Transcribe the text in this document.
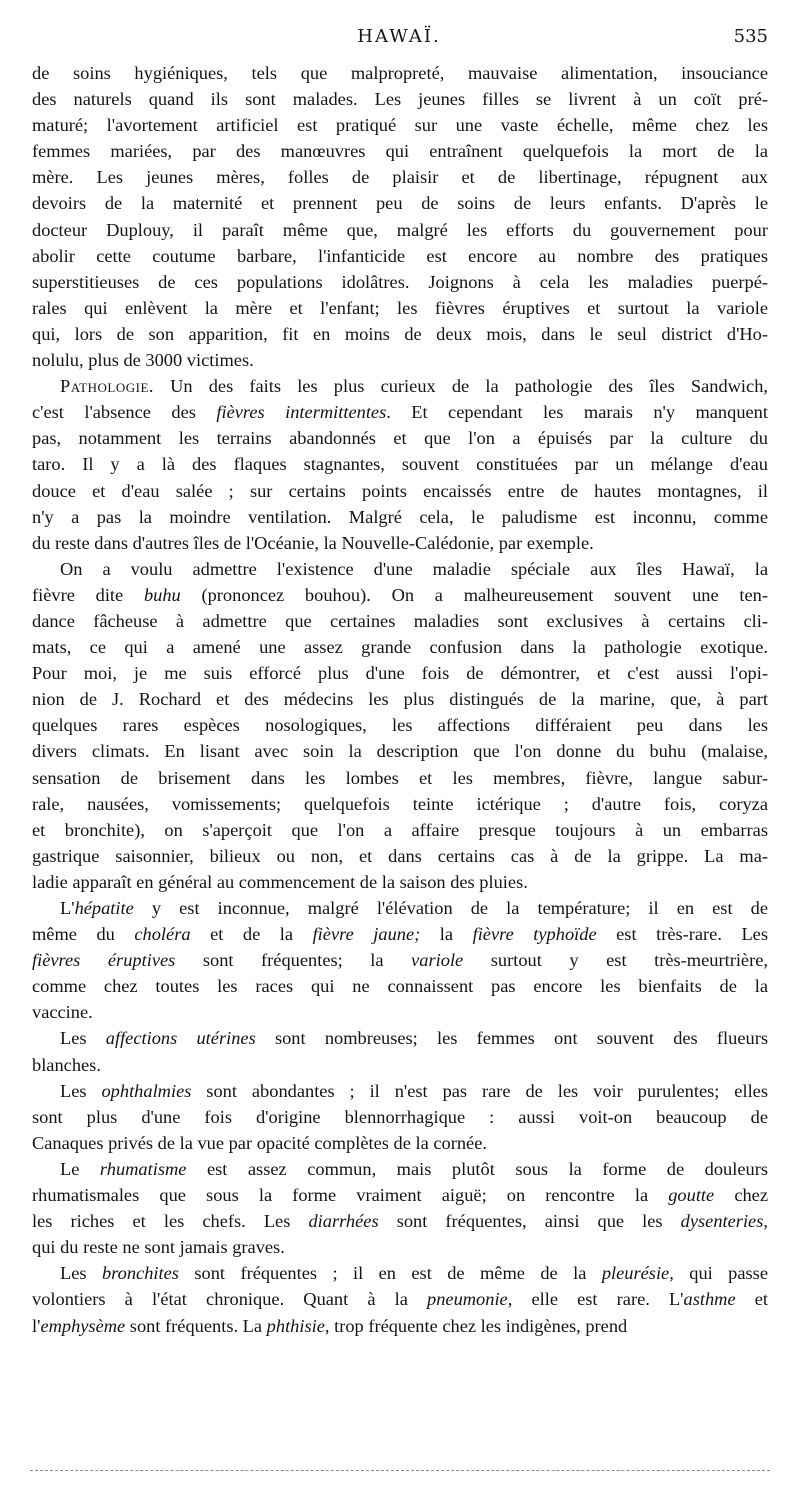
HAWAÏ.	535

de soins hygiéniques, tels que malpropreté, mauvaise alimentation, insouciance
des naturels quand ils sont malades. Les jeunes filles se livrent à un coït pré-
maturé; l'avortement artificiel est pratiqué sur une vaste échelle, même chez les
femmes mariées, par des manœuvres qui entraînent quelquefois la mort de la
mère. Les jeunes mères, folles de plaisir et de libertinage, répugnent aux
devoirs de la maternité et prennent peu de soins de leurs enfants. D'après le
docteur Duplouy, il paraît même que, malgré les efforts du gouvernement pour
abolir cette coutume barbare, l'infanticide est encore au nombre des pratiques
superstitieuses de ces populations idolâtres. Joignons à cela les maladies puerpé-
rales qui enlèvent la mère et l'enfant; les fièvres éruptives et surtout la variole
qui, lors de son apparition, fit en moins de deux mois, dans le seul district d'Ho-
nolulu, plus de 3000 victimes.

Pathologie. Un des faits les plus curieux de la pathologie des îles Sandwich,
c'est l'absence des fièvres intermittentes. Et cependant les marais n'y manquent
pas, notamment les terrains abandonnés et que l'on a épuisés par la culture du
taro. Il y a là des flaques stagnantes, souvent constituées par un mélange d'eau
douce et d'eau salée ; sur certains points encaissés entre de hautes montagnes, il
n'y a pas la moindre ventilation. Malgré cela, le paludisme est inconnu, comme
du reste dans d'autres îles de l'Océanie, la Nouvelle-Calédonie, par exemple.

On a voulu admettre l'existence d'une maladie spéciale aux îles Hawaï, la
fièvre dite buhu (prononcez bouhou). On a malheureusement souvent une ten-
dance fâcheuse à admettre que certaines maladies sont exclusives à certains cli-
mats, ce qui a amené une assez grande confusion dans la pathologie exotique.
Pour moi, je me suis efforcé plus d'une fois de démontrer, et c'est aussi l'opi-
nion de J. Rochard et des médecins les plus distingués de la marine, que, à part
quelques rares espèces nosologiques, les affections différaient peu dans les
divers climats. En lisant avec soin la description que l'on donne du buhu (malaise,
sensation de brisement dans les lombes et les membres, fièvre, langue sabur-
rale, nausées, vomissements; quelquefois teinte ictérique ; d'autre fois, coryza
et bronchite), on s'aperçoit que l'on a affaire presque toujours à un embarras
gastrique saisonnier, bilieux ou non, et dans certains cas à de la grippe. La ma-
ladie apparaît en général au commencement de la saison des pluies.

L'hépatite y est inconnue, malgré l'élévation de la température; il en est de
même du choléra et de la fièvre jaune; la fièvre typhoïde est très-rare. Les
fièvres éruptives sont fréquentes; la variole surtout y est très-meurtrière,
comme chez toutes les races qui ne connaissent pas encore les bienfaits de la
vaccine.

Les affections utérines sont nombreuses; les femmes ont souvent des flueurs
blanches.

Les ophthalmies sont abondantes ; il n'est pas rare de les voir purulentes; elles
sont plus d'une fois d'origine blennorrhagique : aussi voit-on beaucoup de
Canaques privés de la vue par opacité complètes de la cornée.

Le rhumatisme est assez commun, mais plutôt sous la forme de douleurs
rhumatismales que sous la forme vraiment aiguë; on rencontre la goutte chez
les riches et les chefs. Les diarrhées sont fréquentes, ainsi que les dysenteries,
qui du reste ne sont jamais graves.

Les bronchites sont fréquentes ; il en est de même de la pleurésie, qui passe
volontiers à l'état chronique. Quant à la pneumonie, elle est rare. L'asthme et
l'emphysème sont fréquents. La phthisie, trop fréquente chez les indigènes, prend
